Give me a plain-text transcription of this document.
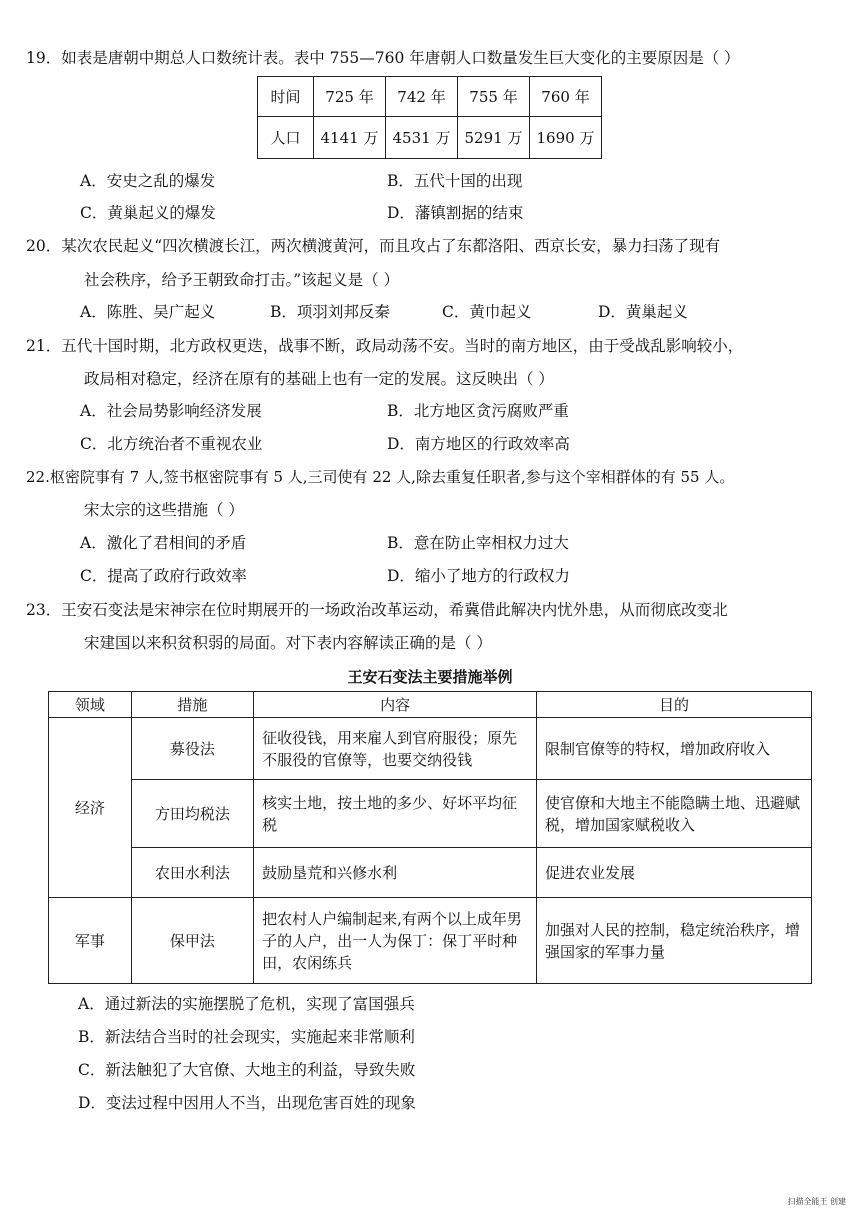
19．如表是唐朝中期总人口数统计表。表中 755—760 年唐朝人口数量发生巨大变化的主要原因是（ ）
时间	725 年	742 年	755 年	760 年
人口	4141 万	4531 万	5291 万	1690 万
A．安史之乱的爆发	B．五代十国的出现
C．黄巢起义的爆发	D．藩镇割据的结束
20．某次农民起义“四次横渡长江，两次横渡黄河，而且攻占了东都洛阳、西京长安，暴力扫荡了现有
社会秩序，给予王朝致命打击。”该起义是（ ）
A．陈胜、吴广起义	B．项羽刘邦反秦	C．黄巾起义	D．黄巢起义
21．五代十国时期，北方政权更迭，战事不断，政局动荡不安。当时的南方地区，由于受战乱影响较小，
政局相对稳定，经济在原有的基础上也有一定的发展。这反映出（ ）
A．社会局势影响经济发展	B．北方地区贪污腐败严重
C．北方统治者不重视农业	D．南方地区的行政效率高
22.枢密院事有 7 人,签书枢密院事有 5 人,三司使有 22 人,除去重复任职者,参与这个宰相群体的有 55 人。
宋太宗的这些措施（ ）
A．激化了君相间的矛盾	B．意在防止宰相权力过大
C．提高了政府行政效率	D．缩小了地方的行政权力
23．王安石变法是宋神宗在位时期展开的一场政治改革运动，希冀借此解决内忧外患，从而彻底改变北
宋建国以来积贫积弱的局面。对下表内容解读正确的是（ ）
王安石变法主要措施举例
领域	措施	内容	目的
经济	募役法	征收役钱，用来雇人到官府服役；原先不服役的官僚等，也要交纳役钱	限制官僚等的特权，增加政府收入
	方田均税法	核实土地，按土地的多少、好坏平均征税	使官僚和大地主不能隐瞒土地、迅避赋税，增加国家赋税收入
	农田水利法	鼓励垦荒和兴修水利	促进农业发展
军事	保甲法	把农村人户编制起来,有两个以上成年男子的人户，出一人为保丁：保丁平时种田，农闲练兵	加强对人民的控制，稳定统治秩序，增强国家的军事力量
A．通过新法的实施摆脱了危机，实现了富国强兵
B．新法结合当时的社会现实，实施起来非常顺利
C．新法触犯了大官僚、大地主的利益，导致失败
D．变法过程中因用人不当，出现危害百姓的现象
扫描全能王 创建
